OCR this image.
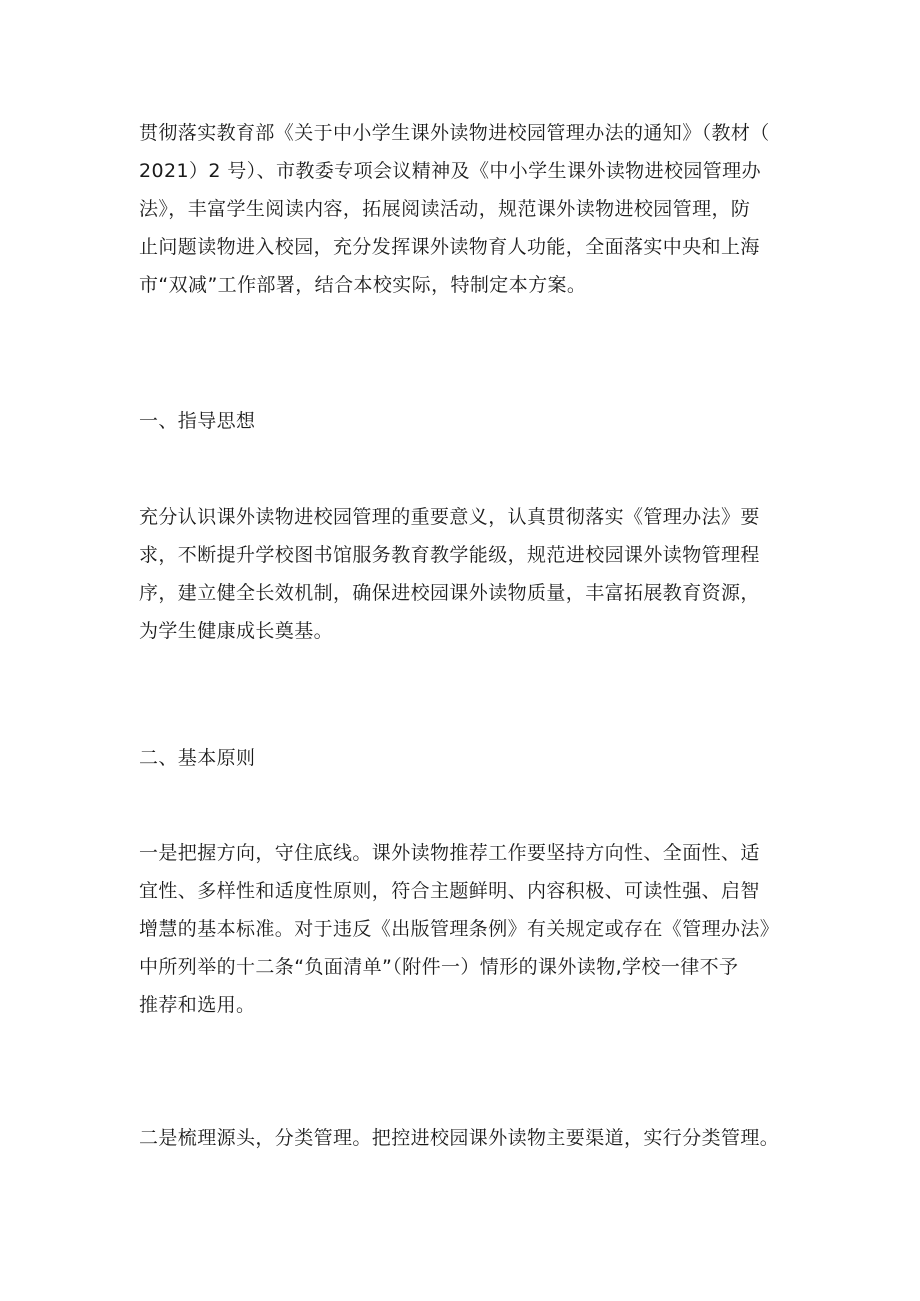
贯彻落实教育部《关于中小学生课外读物进校园管理办法的通知》（教材（
2021）2 号）、市教委专项会议精神及《中小学生课外读物进校园管理办
法》，丰富学生阅读内容，拓展阅读活动，规范课外读物进校园管理，防
止问题读物进入校园，充分发挥课外读物育人功能，全面落实中央和上海
市“双减”工作部署，结合本校实际，特制定本方案。
一、指导思想
充分认识课外读物进校园管理的重要意义，认真贯彻落实《管理办法》要
求，不断提升学校图书馆服务教育教学能级，规范进校园课外读物管理程
序，建立健全长效机制，确保进校园课外读物质量，丰富拓展教育资源，
为学生健康成长奠基。
二、基本原则
一是把握方向，守住底线。课外读物推荐工作要坚持方向性、全面性、适
宜性、多样性和适度性原则，符合主题鲜明、内容积极、可读性强、启智
增慧的基本标准。对于违反《出版管理条例》有关规定或存在《管理办法》
中所列举的十二条“负面清单”（附件一）情形的课外读物,学校一律不予
推荐和选用。
二是梳理源头，分类管理。把控进校园课外读物主要渠道，实行分类管理。
